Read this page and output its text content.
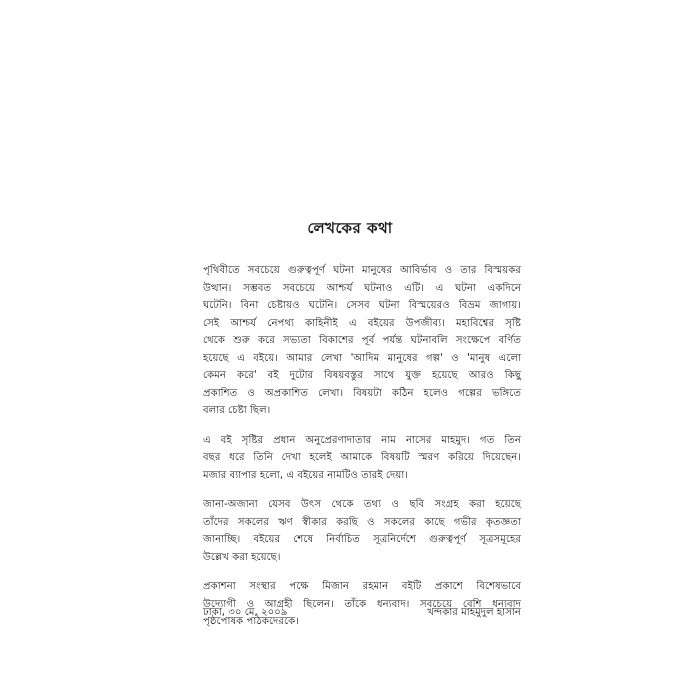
লেখকের কথা
পৃথিবীতে সবচেয়ে গুরুত্বপূর্ণ ঘটনা মানুষের আবির্ভাব ও তার বিস্ময়কর
উত্থান। সম্ভবত সবচেয়ে আশ্চর্য ঘটনাও এটি। এ ঘটনা একদিনে
ঘটেনি। বিনা চেষ্টায়ও ঘটেনি। সেসব ঘটনা বিস্ময়েরও বিভ্রম জাগায়।
সেই আশ্চর্য নেপথ্য কাহিনীই এ বইয়ের উপজীব্য। মহাবিশ্বের সৃষ্টি
থেকে শুরু করে সভ্যতা বিকাশের পূর্ব পর্যন্ত ঘটনাবলি সংক্ষেপে বর্ণিত
হয়েছে এ বইয়ে। আমার লেখা 'আদিম মানুষের গল্প' ও 'মানুষ এলো
কেমন করে' বই দুটোর বিষয়বস্তুর সাথে যুক্ত হয়েছে আরও কিছু
প্রকাশিত ও অপ্রকাশিত লেখা। বিষয়টা কঠিন হলেও গল্পের ভঙ্গিতে
বলার চেষ্টা ছিল।
এ বই সৃষ্টির প্রধান অনুপ্রেরণাদাতার নাম নাসের মাহমুদ। গত তিন
বছর ধরে তিনি দেখা হলেই আমাকে বিষয়টি স্মরণ করিয়ে দিয়েছেন।
মজার ব্যাপার হলো, এ বইয়ের নামটিও তারই দেয়া।
জানা-অজানা যেসব উৎস থেকে তথ্য ও ছবি সংগ্রহ করা হয়েছে
তাঁদের সকলের ঋণ স্বীকার করছি ও সকলের কাছে গভীর কৃতজ্ঞতা
জানাচ্ছি। বইয়ের শেষে নির্বাচিত সূত্রনির্দেশে গুরুত্বপূর্ণ সূত্রসমূহের
উল্লেখ করা হয়েছে।
প্রকাশনা সংস্থার পক্ষে মিজান রহমান বইটি প্রকাশে বিশেষভাবে
উদ্যোগী ও আগ্রহী ছিলেন। তাঁকে ধন্যবাদ। সবচেয়ে বেশি ধন্যবাদ
পৃষ্ঠপোষক পাঠকদেরকে।
ঢাকা, ৩০ মে, ২০০৯	খন্দকার মাহমুদুল হাসান
